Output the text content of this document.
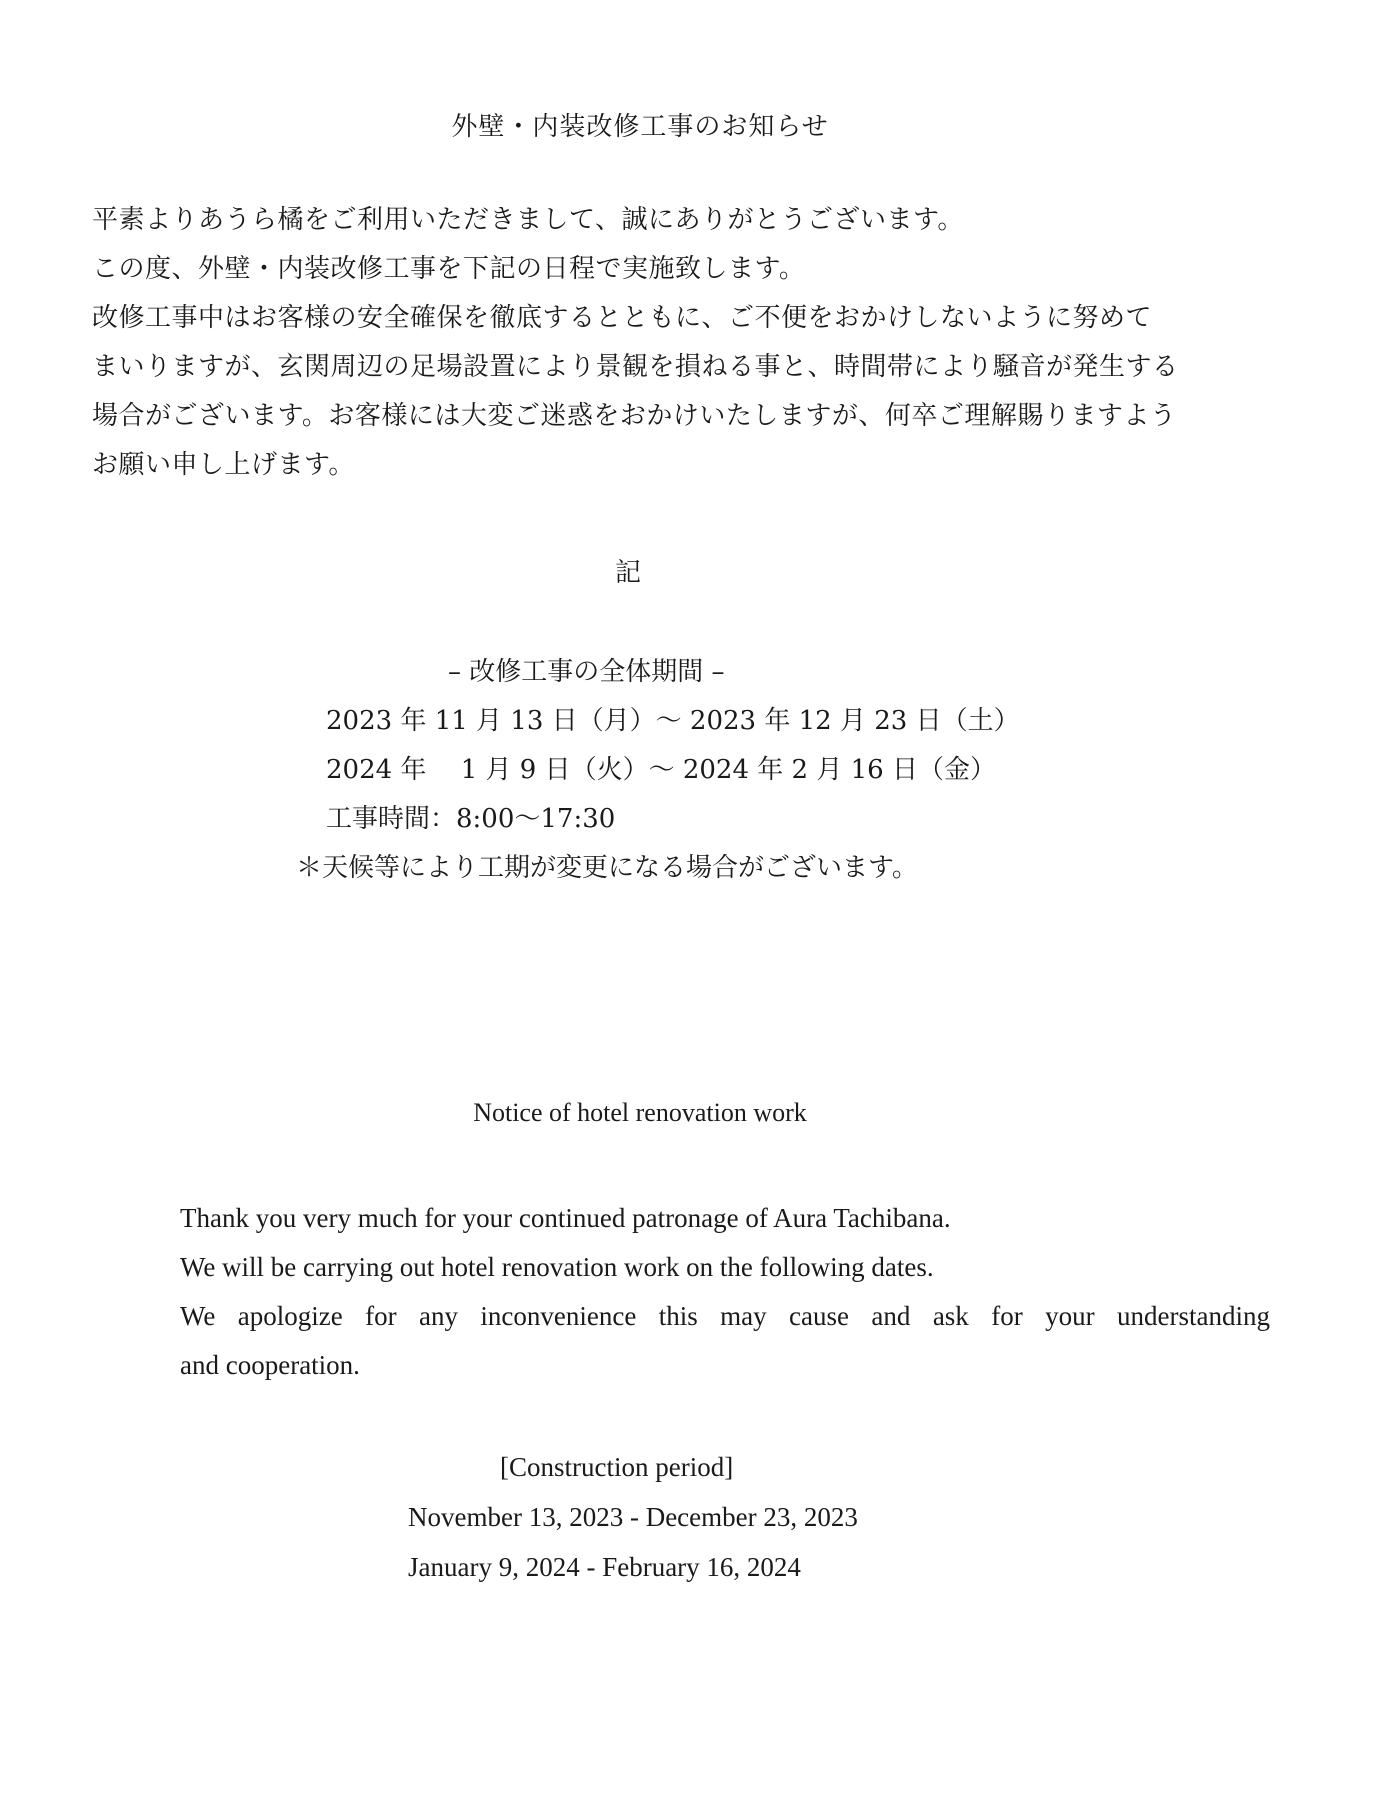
外壁・内装改修工事のお知らせ

平素よりあうら橘をご利用いただきまして、誠にありがとうございます。

この度、外壁・内装改修工事を下記の日程で実施致します。

改修工事中はお客様の安全確保を徹底するとともに、ご不便をおかけしないように努めて

まいりますが、玄関周辺の足場設置により景観を損ねる事と、時間帯により騒音が発生する

場合がございます。お客様には大変ご迷惑をおかけいたしますが、何卒ご理解賜りますよう

お願い申し上げます。

記

– 改修工事の全体期間 –

2023 年 11 月 13 日（月）～ 2023 年 12 月 23 日（土）

2024 年　 1 月 9 日（火）～ 2024 年 2 月 16 日（金）

工事時間：8:00～17:30

＊天候等により工期が変更になる場合がございます。

Notice of hotel renovation work

Thank you very much for your continued patronage of Aura Tachibana.

We will be carrying out hotel renovation work on the following dates.

We apologize for any inconvenience this may cause and ask for your understanding

and cooperation.

[Construction period]

November 13, 2023 - December 23, 2023

January 9, 2024 - February 16, 2024
